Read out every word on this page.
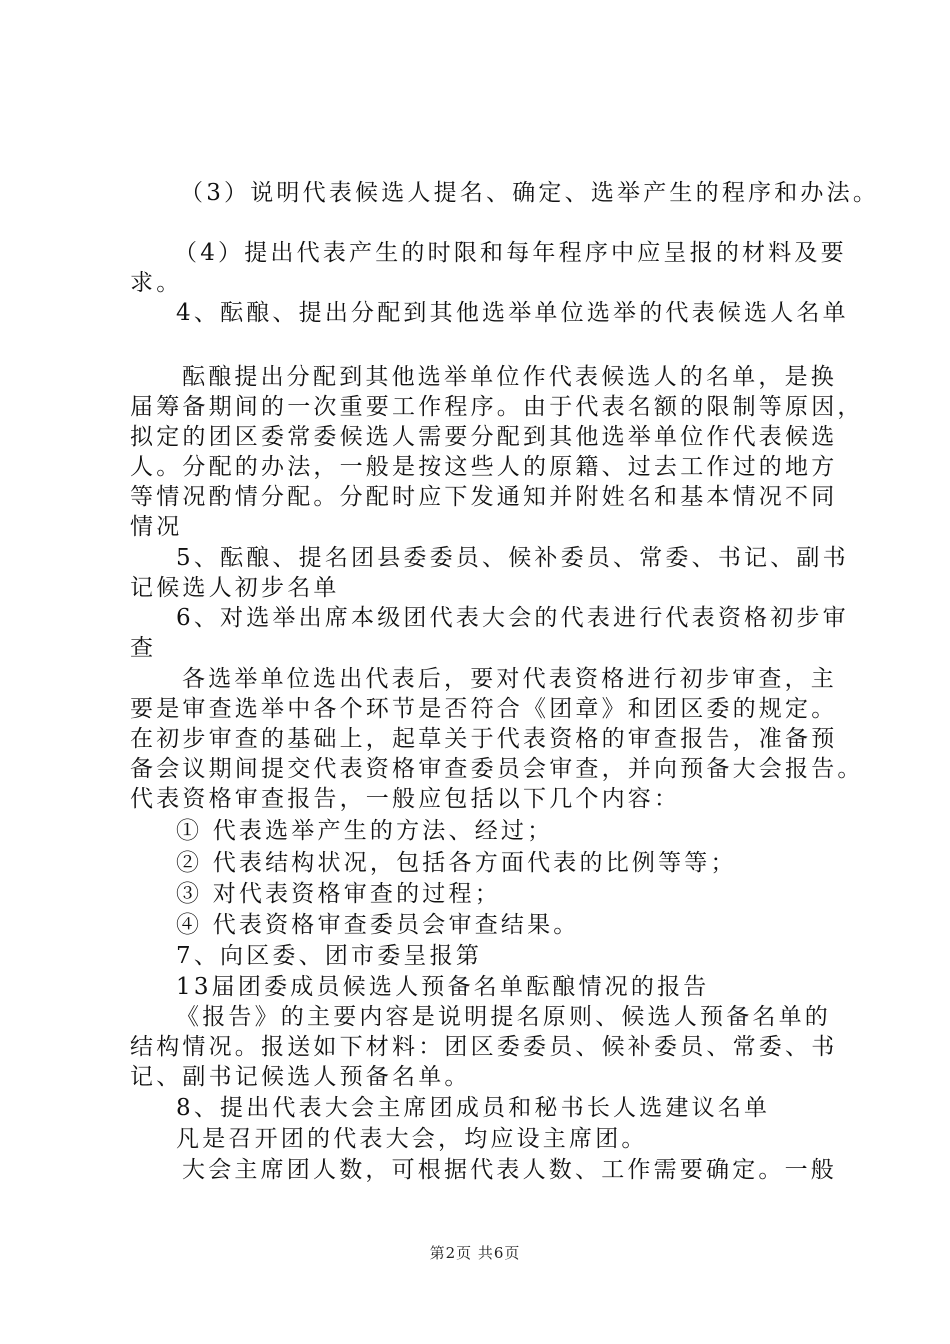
（3）说明代表候选人提名、确定、选举产生的程序和办法。
（4）提出代表产生的时限和每年程序中应呈报的材料及要
求。
4、酝酿、提出分配到其他选举单位选举的代表候选人名单
酝酿提出分配到其他选举单位作代表候选人的名单，是换
届筹备期间的一次重要工作程序。由于代表名额的限制等原因，
拟定的团区委常委候选人需要分配到其他选举单位作代表候选
人。分配的办法，一般是按这些人的原籍、过去工作过的地方
等情况酌情分配。分配时应下发通知并附姓名和基本情况不同
情况
5、酝酿、提名团县委委员、候补委员、常委、书记、副书
记候选人初步名单
6、对选举出席本级团代表大会的代表进行代表资格初步审
查
各选举单位选出代表后，要对代表资格进行初步审查，主
要是审查选举中各个环节是否符合《团章》和团区委的规定。
在初步审查的基础上，起草关于代表资格的审查报告，准备预
备会议期间提交代表资格审查委员会审查，并向预备大会报告。
代表资格审查报告，一般应包括以下几个内容：
① 代表选举产生的方法、经过；
② 代表结构状况，包括各方面代表的比例等等；
③ 对代表资格审查的过程；
④ 代表资格审查委员会审查结果。
7、向区委、团市委呈报第
13届团委成员候选人预备名单酝酿情况的报告
《报告》的主要内容是说明提名原则、候选人预备名单的
结构情况。报送如下材料：团区委委员、候补委员、常委、书
记、副书记候选人预备名单。
8、提出代表大会主席团成员和秘书长人选建议名单
凡是召开团的代表大会，均应设主席团。
大会主席团人数，可根据代表人数、工作需要确定。一般
第2页 共6页
